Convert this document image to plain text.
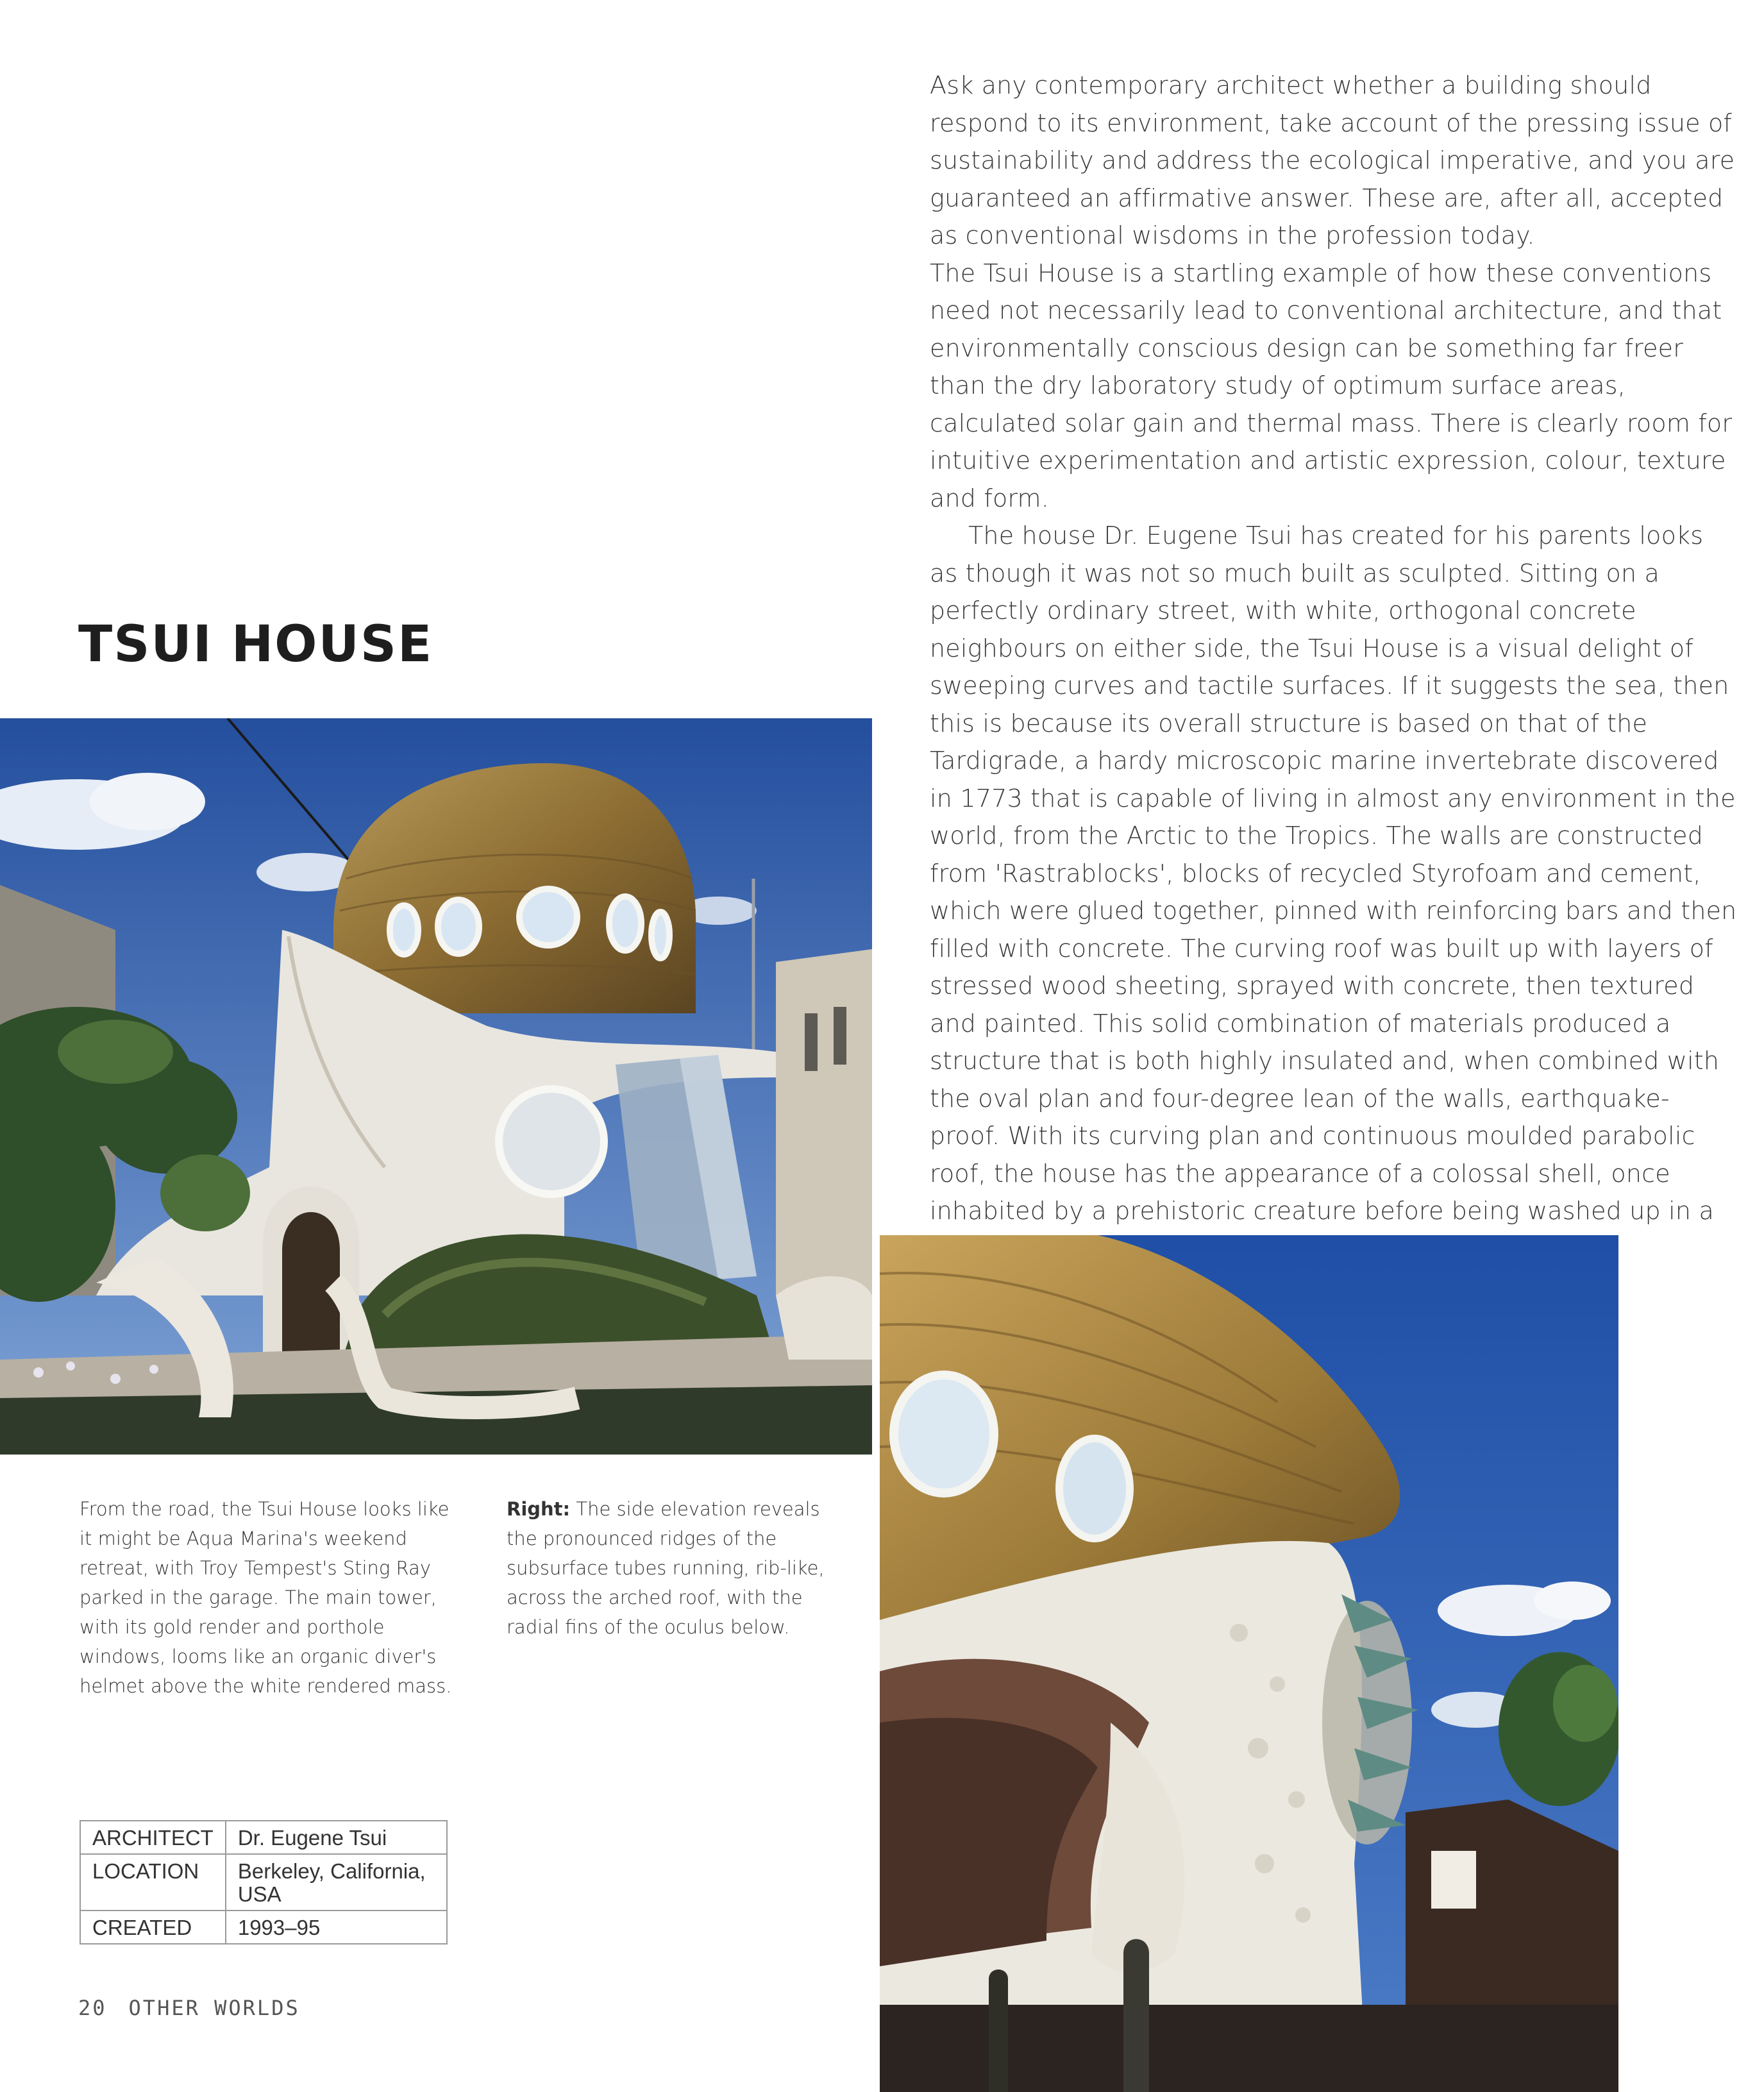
TSUI HOUSE

Ask any contemporary architect whether a building should respond to its environment, take account of the pressing issue of sustainability and address the ecological imperative, and you are guaranteed an affirmative answer. These are, after all, accepted as conventional wisdoms in the profession today.

The Tsui House is a startling example of how these conventions need not necessarily lead to conventional architecture, and that environmentally conscious design can be something far freer than the dry laboratory study of optimum surface areas, calculated solar gain and thermal mass. There is clearly room for intuitive experimentation and artistic expression, colour, texture and form.

The house Dr. Eugene Tsui has created for his parents looks as though it was not so much built as sculpted. Sitting on a perfectly ordinary street, with white, orthogonal concrete neighbours on either side, the Tsui House is a visual delight of sweeping curves and tactile surfaces. If it suggests the sea, then this is because its overall structure is based on that of the Tardigrade, a hardy microscopic marine invertebrate discovered in 1773 that is capable of living in almost any environment in the world, from the Arctic to the Tropics. The walls are constructed from 'Rastrablocks', blocks of recycled Styrofoam and cement, which were glued together, pinned with reinforcing bars and then filled with concrete. The curving roof was built up with layers of stressed wood sheeting, sprayed with concrete, then textured and painted. This solid combination of materials produced a structure that is both highly insulated and, when combined with the oval plan and four-degree lean of the walls, earthquake-proof. With its curving plan and continuous moulded parabolic roof, the house has the appearance of a colossal shell, once inhabited by a prehistoric creature before being washed up in a

From the road, the Tsui House looks like it might be Aqua Marina's weekend retreat, with Troy Tempest's Sting Ray parked in the garage. The main tower, with its gold render and porthole windows, looms like an organic diver's helmet above the white rendered mass.
Right: The side elevation reveals the pronounced ridges of the subsurface tubes running, rib-like, across the arched roof, with the radial fins of the oculus below.
ARCHITECT	Dr. Eugene Tsui
LOCATION	Berkeley, California, USA
CREATED	1993–95
20 OTHER WORLDS
